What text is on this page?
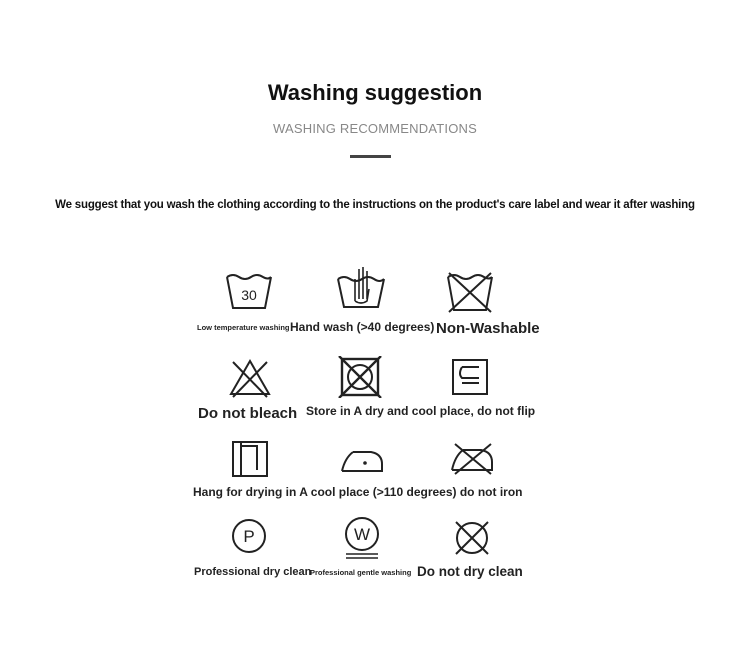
Washing suggestion
WASHING RECOMMENDATIONS
We suggest that you wash the clothing according to the instructions on the product's care label and wear it after washing
30
Low temperature washing Hand wash (>40 degrees) Non-Washable
Do not bleach Store in A dry and cool place, do not flip
Hang for drying in A cool place (>110 degrees) do not iron
P
Professional dry clean
W
Professional gentle washing Do not dry clean
